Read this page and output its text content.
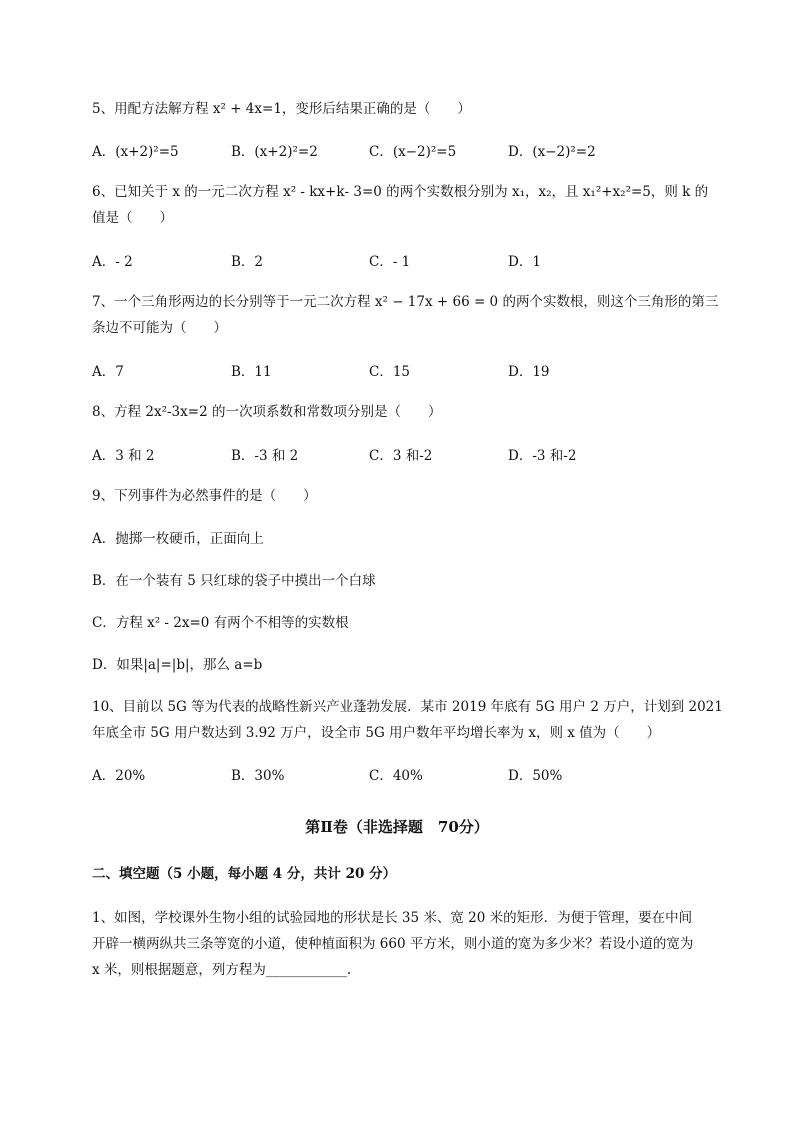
5、用配方法解方程 x² + 4x=1，变形后结果正确的是（　　）
A．(x+2)²=5	B．(x+2)²=2	C．(x−2)²=5	D．(x−2)²=2
6、已知关于 x 的一元二次方程 x² ‐ kx+k‐ 3=0 的两个实数根分别为 x₁，x₂，且 x₁²+x₂²=5，则 k 的
值是（　　）
A．‐ 2	B．2	C．‐ 1	D．1
7、一个三角形两边的长分别等于一元二次方程 x² − 17x + 66 = 0 的两个实数根，则这个三角形的第三
条边不可能为（　　）
A．7	B．11	C．15	D．19
8、方程 2x²‐3x=2 的一次项系数和常数项分别是（　　）
A．3 和 2	B．‐3 和 2	C．3 和‐2	D．‐3 和‐2
9、下列事件为必然事件的是（　　）
A．抛掷一枚硬币，正面向上
B．在一个装有 5 只红球的袋子中摸出一个白球
C．方程 x² ‐ 2x=0 有两个不相等的实数根
D．如果|a|=|b|，那么 a=b
10、目前以 5G 等为代表的战略性新兴产业蓬勃发展．某市 2019 年底有 5G 用户 2 万户，计划到 2021
年底全市 5G 用户数达到 3.92 万户，设全市 5G 用户数年平均增长率为 x，则 x 值为（　　）
A．20%	B．30%	C．40%	D．50%
第Ⅱ卷（非选择题　70分）
二、填空题（5 小题，每小题 4 分，共计 20 分）
1、如图，学校课外生物小组的试验园地的形状是长 35 米、宽 20 米的矩形．为便于管理，要在中间
开辟一横两纵共三条等宽的小道，使种植面积为 660 平方米，则小道的宽为多少米？若设小道的宽为
x 米，则根据题意，列方程为____________.
